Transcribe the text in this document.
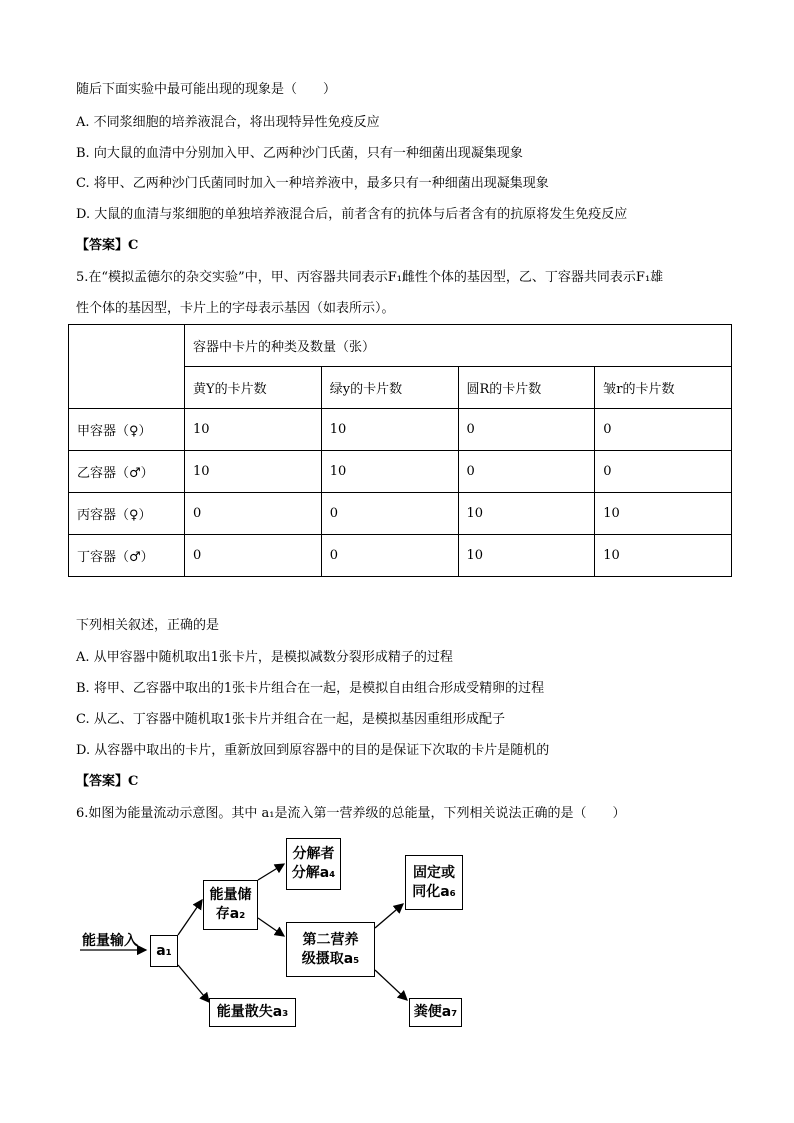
随后下面实验中最可能出现的现象是（　　）
A. 不同浆细胞的培养液混合，将出现特异性免疫反应
B. 向大鼠的血清中分别加入甲、乙两种沙门氏菌，只有一种细菌出现凝集现象
C. 将甲、乙两种沙门氏菌同时加入一种培养液中，最多只有一种细菌出现凝集现象
D. 大鼠的血清与浆细胞的单独培养液混合后，前者含有的抗体与后者含有的抗原将发生免疫反应
【答案】C
5.在“模拟孟德尔的杂交实验”中，甲、丙容器共同表示F₁雌性个体的基因型，乙、丁容器共同表示F₁雄
性个体的基因型，卡片上的字母表示基因（如表所示）。
	容器中卡片的种类及数量（张）			
	黄Y的卡片数	绿y的卡片数	圆R的卡片数	皱r的卡片数
甲容器（♀）	10	10	0	0
乙容器（♂）	10	10	0	0
丙容器（♀）	0	0	10	10
丁容器（♂）	0	0	10	10
下列相关叙述，正确的是
A. 从甲容器中随机取出1张卡片，是模拟减数分裂形成精子的过程
B. 将甲、乙容器中取出的1张卡片组合在一起，是模拟自由组合形成受精卵的过程
C. 从乙、丁容器中随机取1张卡片并组合在一起，是模拟基因重组形成配子
D. 从容器中取出的卡片，重新放回到原容器中的目的是保证下次取的卡片是随机的
【答案】C
6.如图为能量流动示意图。其中 a₁是流入第一营养级的总能量，下列相关说法正确的是（　　）
能量输入
a₁
能量储
存a₂
能量散失a₃
分解者
分解a₄
第二营养
级摄取a₅
固定或
同化a₆
粪便a₇
